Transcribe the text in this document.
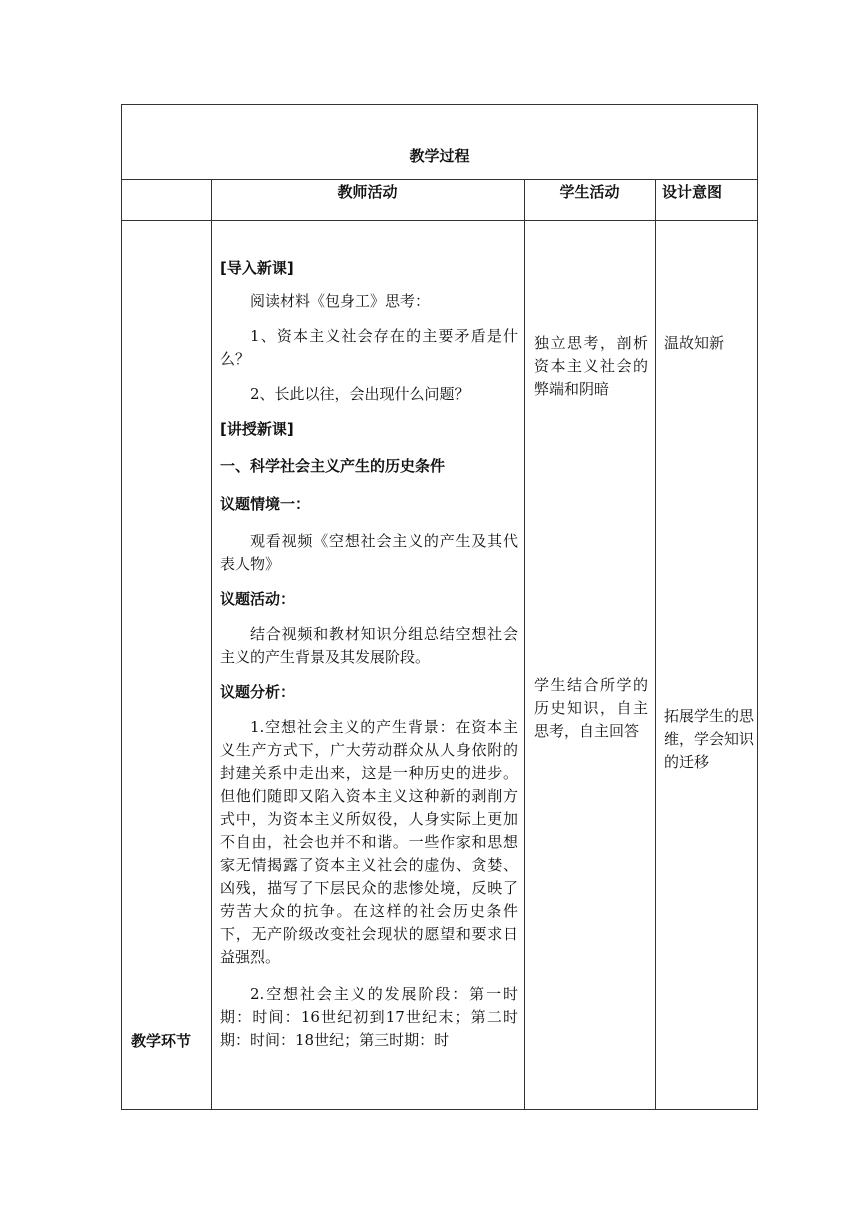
教学过程
教师活动	学生活动	设计意图
教学环节

[导入新课]

阅读材料《包身工》思考：

1、资本主义社会存在的主要矛盾是什么？

2、长此以往，会出现什么问题？

[讲授新课]

一、科学社会主义产生的历史条件

议题情境一：

观看视频《空想社会主义的产生及其代表人物》

议题活动：

结合视频和教材知识分组总结空想社会主义的产生背景及其发展阶段。

议题分析：

1.空想社会主义的产生背景：在资本主义生产方式下，广大劳动群众从人身依附的封建关系中走出来，这是一种历史的进步。但他们随即又陷入资本主义这种新的剥削方式中，为资本主义所奴役，人身实际上更加不自由，社会也并不和谐。一些作家和思想家无情揭露了资本主义社会的虚伪、贪婪、凶残，描写了下层民众的悲惨处境，反映了劳苦大众的抗争。在这样的社会历史条件下，无产阶级改变社会现状的愿望和要求日益强烈。

2.空想社会主义的发展阶段：第一时期：时间：16世纪初到17世纪末；第二时期：时间：18世纪；第三时期：时

独立思考，剖析资本主义社会的弊端和阴暗
学生结合所学的历史知识，自主思考，自主回答
温故知新
拓展学生的思维，学会知识的迁移
